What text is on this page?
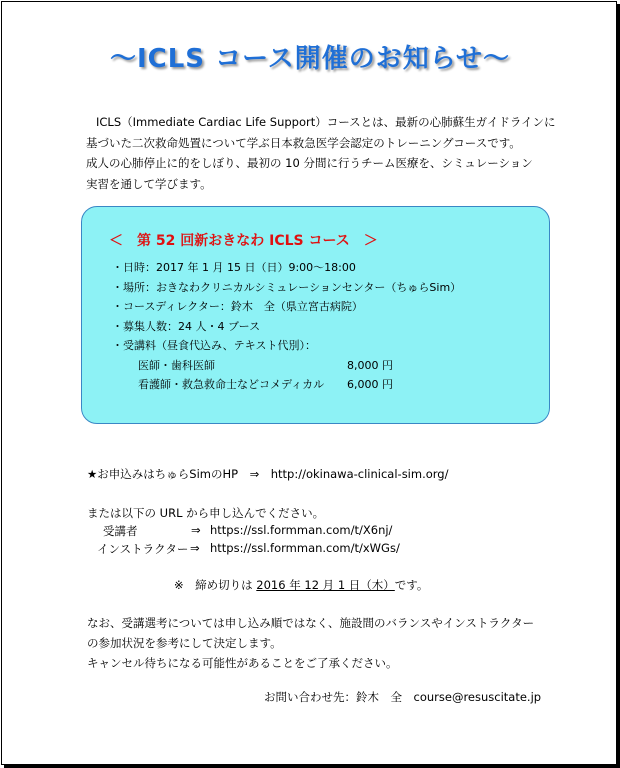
～ICLS コース開催のお知らせ～
ICLS（Immediate Cardiac Life Support）コースとは、最新の心肺蘇生ガイドラインに
基づいた二次救命処置について学ぶ日本救急医学会認定のトレーニングコースです。
成人の心肺停止に的をしぼり、最初の 10 分間に行うチーム医療を、シミュレーション
実習を通して学びます。
＜　第 52 回新おきなわ ICLS コース　＞
・日時：2017 年 1 月 15 日（日）9:00～18:00
・場所：おきなわクリニカルシミュレーションセンター（ちゅらSim）
・コースディレクター：鈴木　全（県立宮古病院）
・募集人数：24 人・4 ブース
・受講料（昼食代込み、テキスト代別）：
医師・歯科医師	8,000 円
看護師・救急救命士などコメディカル 6,000 円
★お申込みはちゅらSimのHP　⇒　http://okinawa-clinical-sim.org/
または以下の URL から申し込んでください。
受講者	⇒ https://ssl.formman.com/t/X6nj/
インストラクター ⇒ https://ssl.formman.com/t/xWGs/
※　締め切りは 2016 年 12 月 1 日（木）です。
なお、受講選考については申し込み順ではなく、施設間のバランスやインストラクター
の参加状況を参考にして決定します。
キャンセル待ちになる可能性があることをご了承ください。
お問い合わせ先：鈴木　全　course@resuscitate.jp
